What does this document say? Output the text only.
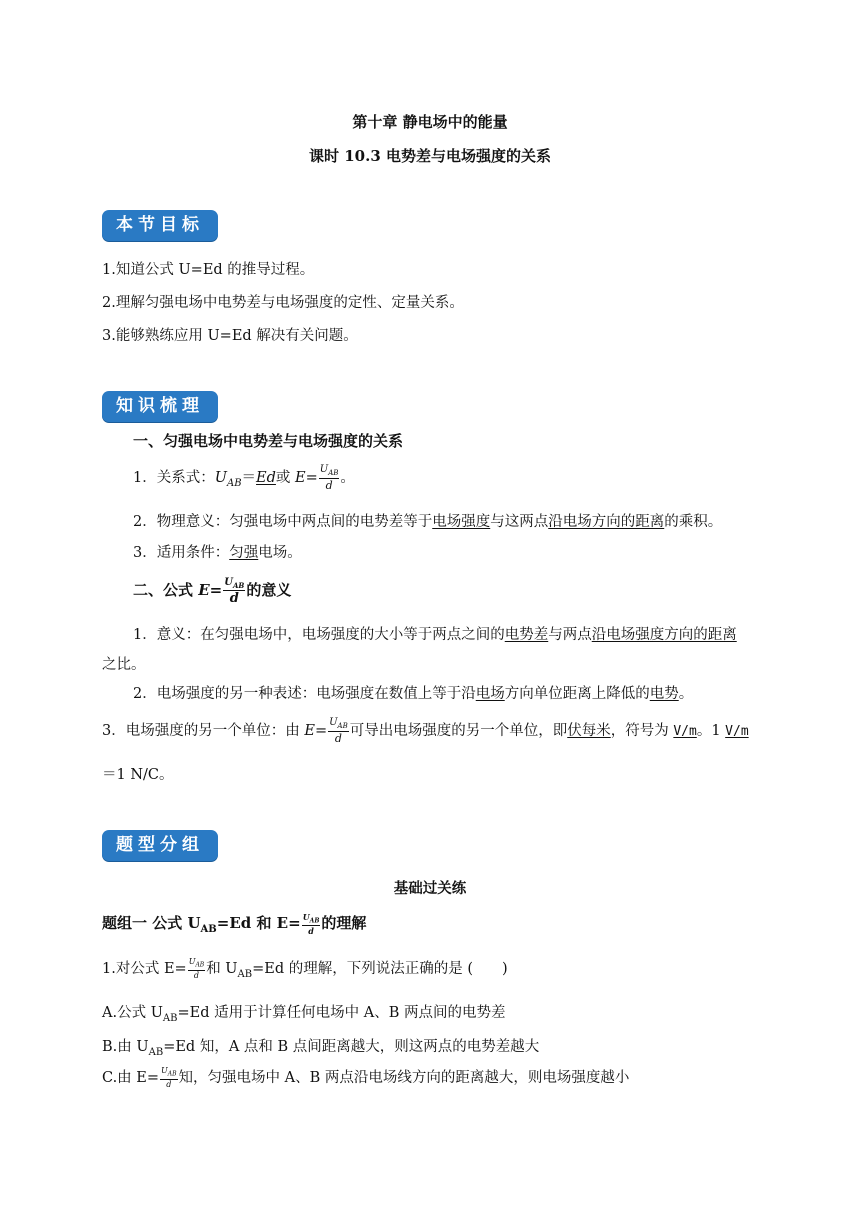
第十章 静电场中的能量
课时 10.3 电势差与电场强度的关系
本节目标
1.知道公式 U=Ed 的推导过程。
2.理解匀强电场中电势差与电场强度的定性、定量关系。
3.能够熟练应用 U=Ed 解决有关问题。
知识梳理
一、匀强电场中电势差与电场强度的关系
1．关系式：$U_{AB}=Ed$或 $E= \frac{U_{AB}}{d}$ 。
2．物理意义：匀强电场中两点间的电势差等于电场强度与这两点沿电场方向的距离的乘积。
3．适用条件：匀强电场。
二、公式 $E= \frac{U_{AB}}{d}$ 的意义
1．意义：在匀强电场中，电场强度的大小等于两点之间的电势差与两点沿电场强度方向的距离
之比。
2．电场强度的另一种表述：电场强度在数值上等于沿电场方向单位距离上降低的电势。
3．电场强度的另一个单位：由 $E= \frac{U_{AB}}{d}$ 可导出电场强度的另一个单位，即伏每米，符号为 V/m。1 V/m
＝1 N/C。
题型分组
基础过关练
题组一 公式 $U_{AB}=Ed$ 和 $E= \frac{U_{AB}}{d}$ 的理解
1.对公式 $E= \frac{U_{AB}}{d}$ 和 $U_{AB}=Ed$ 的理解，下列说法正确的是 (　　)
A.公式 $U_{AB}=Ed$ 适用于计算任何电场中 A、B 两点间的电势差
B.由 $U_{AB}=Ed$ 知，A 点和 B 点间距离越大，则这两点的电势差越大
C.由 $E= \frac{U_{AB}}{d}$ 知，匀强电场中 A、B 两点沿电场线方向的距离越大，则电场强度越小
